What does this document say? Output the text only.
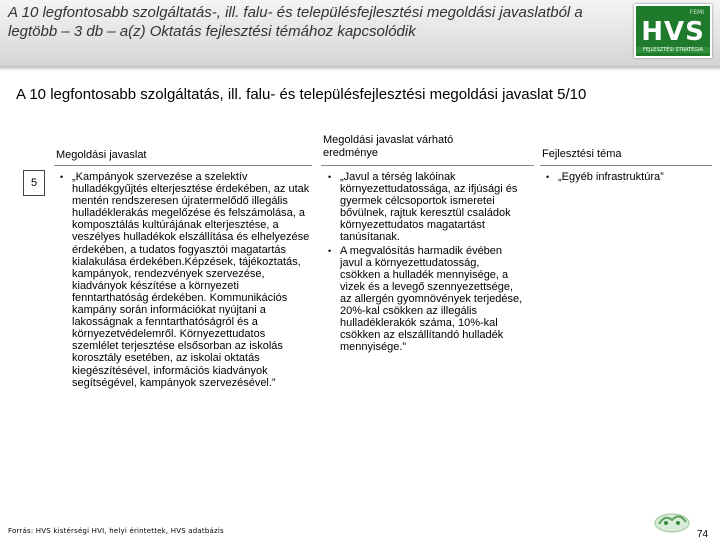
A 10 legfontosabb szolgáltatás-, ill. falu- és településfejlesztési megoldási javaslatból a legtöbb – 3 db – a(z) Oktatás fejlesztési témához kapcsolódik
FEMI
HVS
FEJLESZTÉSI STRATÉGIA
A 10 legfontosabb szolgáltatás, ill. falu- és településfejlesztési megoldási javaslat 5/10
Megoldási javaslat
Megoldási javaslat várható eredménye	Fejlesztési téma
5
•	„Kampányok szervezése a szelektív hulladékgyűjtés elterjesztése érdekében, az utak mentén rendszeresen újratermelődő illegális hulladéklerakás megelőzése és felszámolása, a komposztálás kultúrájának elterjesztése, a veszélyes hulladékok elszállítása és elhelyezése érdekében, a tudatos fogyasztói magatartás kialakulása érdekében.Képzések, tájékoztatás, kampányok, rendezvények szervezése, kiadványok készítése a környezeti fenntarthatóság érdekében. Kommunikációs kampány során információkat nyújtani a lakosságnak a fenntarthatóságról és a környezetvédelemről. Környezettudatos szemlélet terjesztése elsősorban az iskolás korosztály esetében, az iskolai oktatás kiegészítésével, információs kiadványok segítségével, kampányok szervezésével.”
• „Javul a térség lakóinak
környezettudatossága, az ifjúsági és
gyermek célcsoportok ismeretei
bővülnek, rajtuk keresztül családok
környezettudatos magatartást
tanúsítanak.
• A megvalósítás harmadik évében
javul a környezettudatosság,
csökken a hulladék mennyisége, a
vizek és a levegő szennyezettsége,
az allergén gyomnövények terjedése,
20%-kal csökken az illegális
hulladéklerakók száma, 10%-kal
csökken az elszállítandó hulladék
mennyisége.”
• „Egyéb infrastruktúra”
Forrás: HVS kistérségi HVI, helyi érintettek, HVS adatbázis	74
